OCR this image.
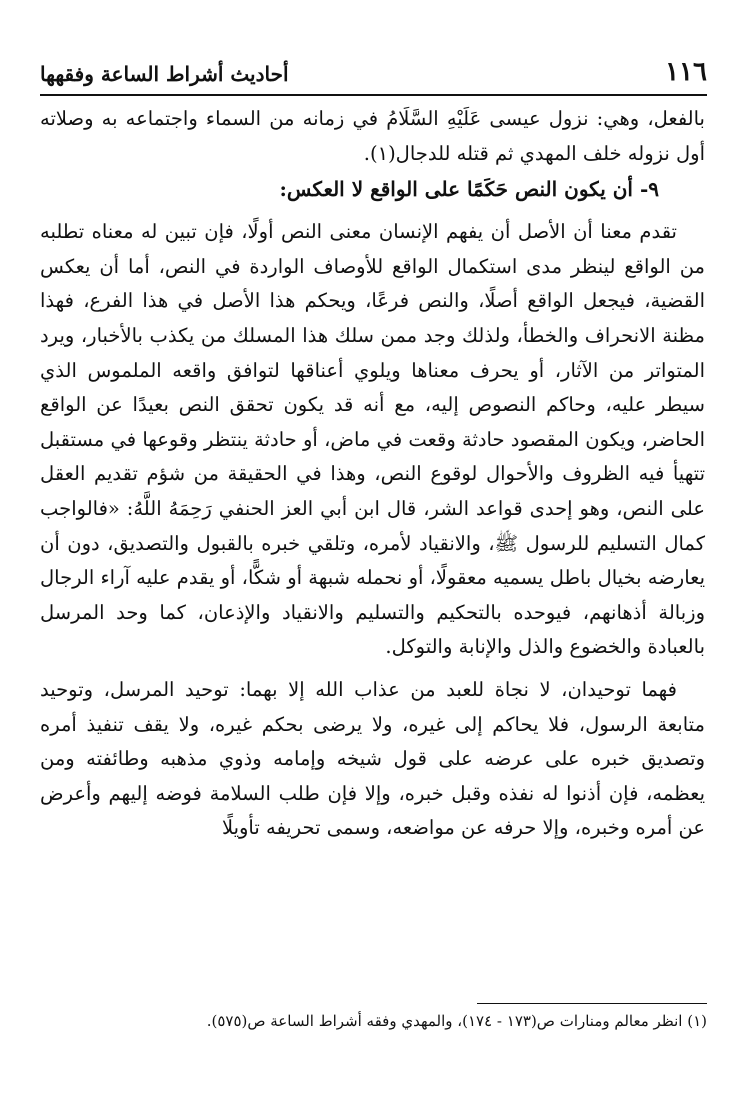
١١٦
أحاديث أشراط الساعة وفقهها

بالفعل، وهي: نزول عيسى عَلَيْهِ السَّلَامُ في زمانه من السماء واجتماعه به وصلاته أول نزوله خلف المهدي ثم قتله للدجال(١).

٩- أن يكون النص حَكَمًا على الواقع لا العكس:

تقدم معنا أن الأصل أن يفهم الإنسان معنى النص أولًا، فإن تبين له معناه تطلبه من الواقع لينظر مدى استكمال الواقع للأوصاف الواردة في النص، أما أن يعكس القضية، فيجعل الواقع أصلًا، والنص فرعًا، ويحكم هذا الأصل في هذا الفرع، فهذا مظنة الانحراف والخطأ، ولذلك وجد ممن سلك هذا المسلك من يكذب بالأخبار، ويرد المتواتر من الآثار، أو يحرف معناها ويلوي أعناقها لتوافق واقعه الملموس الذي سيطر عليه، وحاكم النصوص إليه، مع أنه قد يكون تحقق النص بعيدًا عن الواقع الحاضر، ويكون المقصود حادثة وقعت في ماض، أو حادثة ينتظر وقوعها في مستقبل تتهيأ فيه الظروف والأحوال لوقوع النص، وهذا في الحقيقة من شؤم تقديم العقل على النص، وهو إحدى قواعد الشر، قال ابن أبي العز الحنفي رَحِمَهُ اللَّهُ: «فالواجب كمال التسليم للرسول ﷺ، والانقياد لأمره، وتلقي خبره بالقبول والتصديق، دون أن يعارضه بخيال باطل يسميه معقولًا، أو نحمله شبهة أو شكًّا، أو يقدم عليه آراء الرجال وزبالة أذهانهم، فيوحده بالتحكيم والتسليم والانقياد والإذعان، كما وحد المرسل بالعبادة والخضوع والذل والإنابة والتوكل.

فهما توحيدان، لا نجاة للعبد من عذاب الله إلا بهما: توحيد المرسل، وتوحيد متابعة الرسول، فلا يحاكم إلى غيره، ولا يرضى بحكم غيره، ولا يقف تنفيذ أمره وتصديق خبره على عرضه على قول شيخه وإمامه وذوي مذهبه وطائفته ومن يعظمه، فإن أذنوا له نفذه وقبل خبره، وإلا فإن طلب السلامة فوضه إليهم وأعرض عن أمره وخبره، وإلا حرفه عن مواضعه، وسمى تحريفه تأويلًا

(١) انظر معالم ومنارات ص(١٧٣ - ١٧٤)، والمهدي وفقه أشراط الساعة ص(٥٧٥).
